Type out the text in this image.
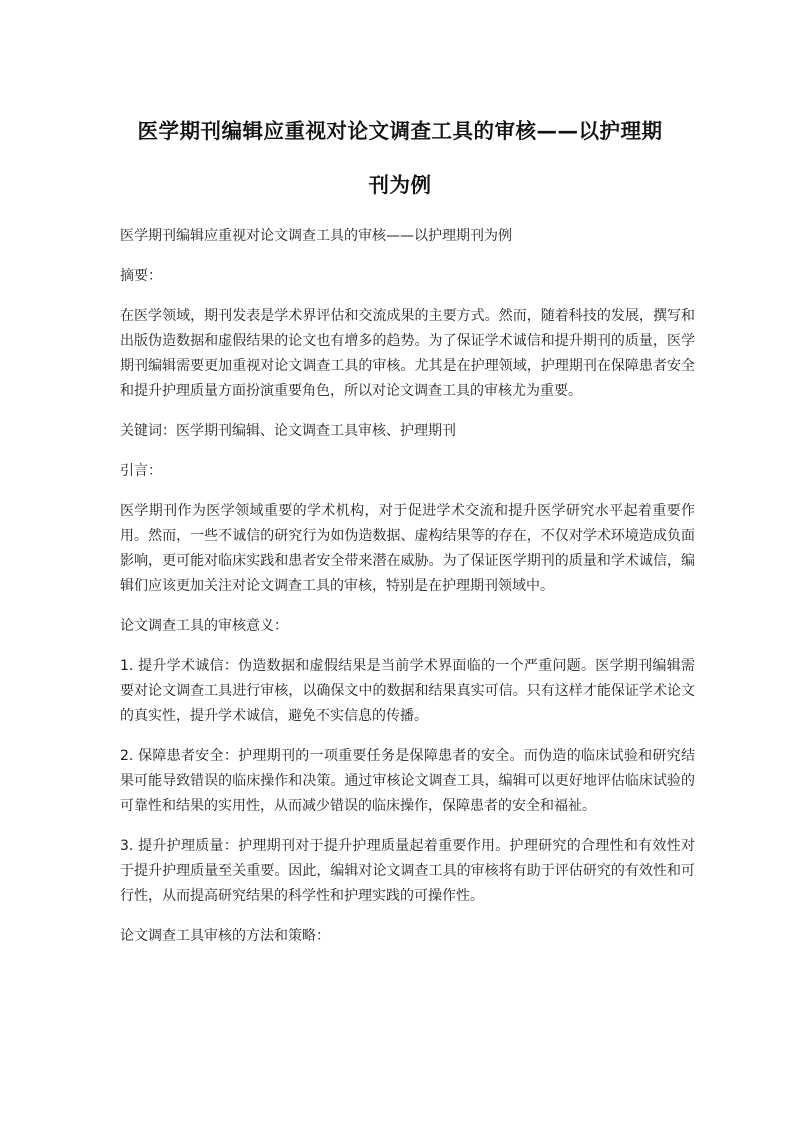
医学期刊编辑应重视对论文调查工具的审核——以护理期
刊为例

医学期刊编辑应重视对论文调查工具的审核——以护理期刊为例

摘要：

在医学领域，期刊发表是学术界评估和交流成果的主要方式。然而，随着科技的发展，撰写和出版伪造数据和虚假结果的论文也有增多的趋势。为了保证学术诚信和提升期刊的质量，医学期刊编辑需要更加重视对论文调查工具的审核。尤其是在护理领域，护理期刊在保障患者安全和提升护理质量方面扮演重要角色，所以对论文调查工具的审核尤为重要。

关键词：医学期刊编辑、论文调查工具审核、护理期刊

引言：

医学期刊作为医学领域重要的学术机构，对于促进学术交流和提升医学研究水平起着重要作用。然而，一些不诚信的研究行为如伪造数据、虚构结果等的存在，不仅对学术环境造成负面影响，更可能对临床实践和患者安全带来潜在威胁。为了保证医学期刊的质量和学术诚信，编辑们应该更加关注对论文调查工具的审核，特别是在护理期刊领域中。

论文调查工具的审核意义：

1. 提升学术诚信：伪造数据和虚假结果是当前学术界面临的一个严重问题。医学期刊编辑需要对论文调查工具进行审核，以确保文中的数据和结果真实可信。只有这样才能保证学术论文的真实性，提升学术诚信，避免不实信息的传播。

2. 保障患者安全：护理期刊的一项重要任务是保障患者的安全。而伪造的临床试验和研究结果可能导致错误的临床操作和决策。通过审核论文调查工具，编辑可以更好地评估临床试验的可靠性和结果的实用性，从而减少错误的临床操作，保障患者的安全和福祉。

3. 提升护理质量：护理期刊对于提升护理质量起着重要作用。护理研究的合理性和有效性对于提升护理质量至关重要。因此，编辑对论文调查工具的审核将有助于评估研究的有效性和可行性，从而提高研究结果的科学性和护理实践的可操作性。

论文调查工具审核的方法和策略：
